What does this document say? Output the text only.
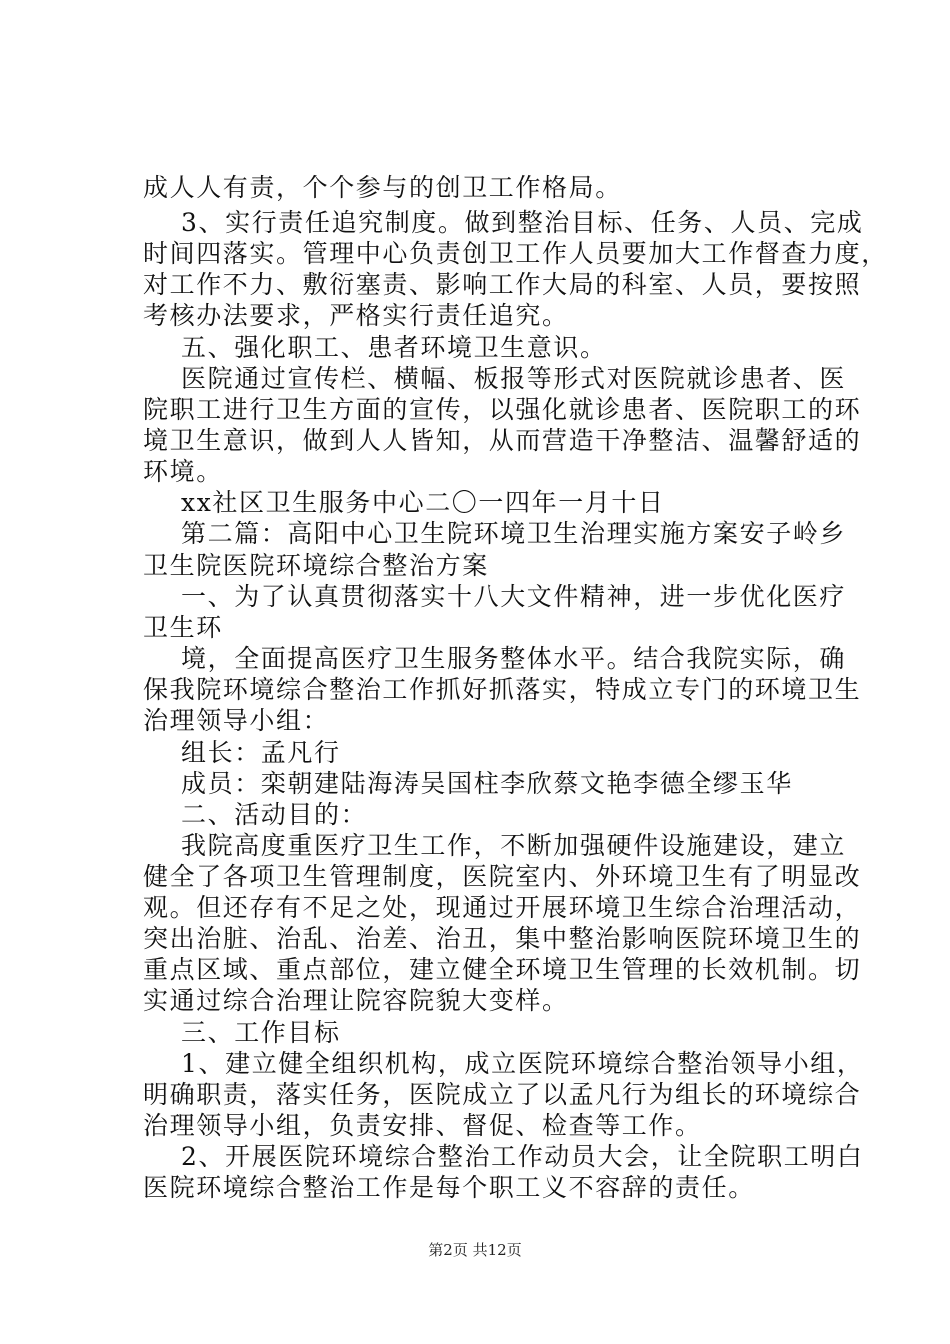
成人人有责，个个参与的创卫工作格局。
3、实行责任追究制度。做到整治目标、任务、人员、完成
时间四落实。管理中心负责创卫工作人员要加大工作督查力度，
对工作不力、敷衍塞责、影响工作大局的科室、人员，要按照
考核办法要求，严格实行责任追究。
五、强化职工、患者环境卫生意识。
医院通过宣传栏、横幅、板报等形式对医院就诊患者、医
院职工进行卫生方面的宣传，以强化就诊患者、医院职工的环
境卫生意识，做到人人皆知，从而营造干净整洁、温馨舒适的
环境。
xx社区卫生服务中心二〇一四年一月十日
第二篇：高阳中心卫生院环境卫生治理实施方案安子岭乡
卫生院医院环境综合整治方案
一、为了认真贯彻落实十八大文件精神，进一步优化医疗
卫生环
境，全面提高医疗卫生服务整体水平。结合我院实际，确
保我院环境综合整治工作抓好抓落实，特成立专门的环境卫生
治理领导小组：
组长：孟凡行
成员：栾朝建陆海涛吴国柱李欣蔡文艳李德全缪玉华
二、活动目的：
我院高度重医疗卫生工作，不断加强硬件设施建设，建立
健全了各项卫生管理制度，医院室内、外环境卫生有了明显改
观。但还存有不足之处，现通过开展环境卫生综合治理活动，
突出治脏、治乱、治差、治丑，集中整治影响医院环境卫生的
重点区域、重点部位，建立健全环境卫生管理的长效机制。切
实通过综合治理让院容院貌大变样。
三、工作目标
1、建立健全组织机构，成立医院环境综合整治领导小组，
明确职责，落实任务，医院成立了以孟凡行为组长的环境综合
治理领导小组，负责安排、督促、检查等工作。
2、开展医院环境综合整治工作动员大会，让全院职工明白
医院环境综合整治工作是每个职工义不容辞的责任。
第2页 共12页
